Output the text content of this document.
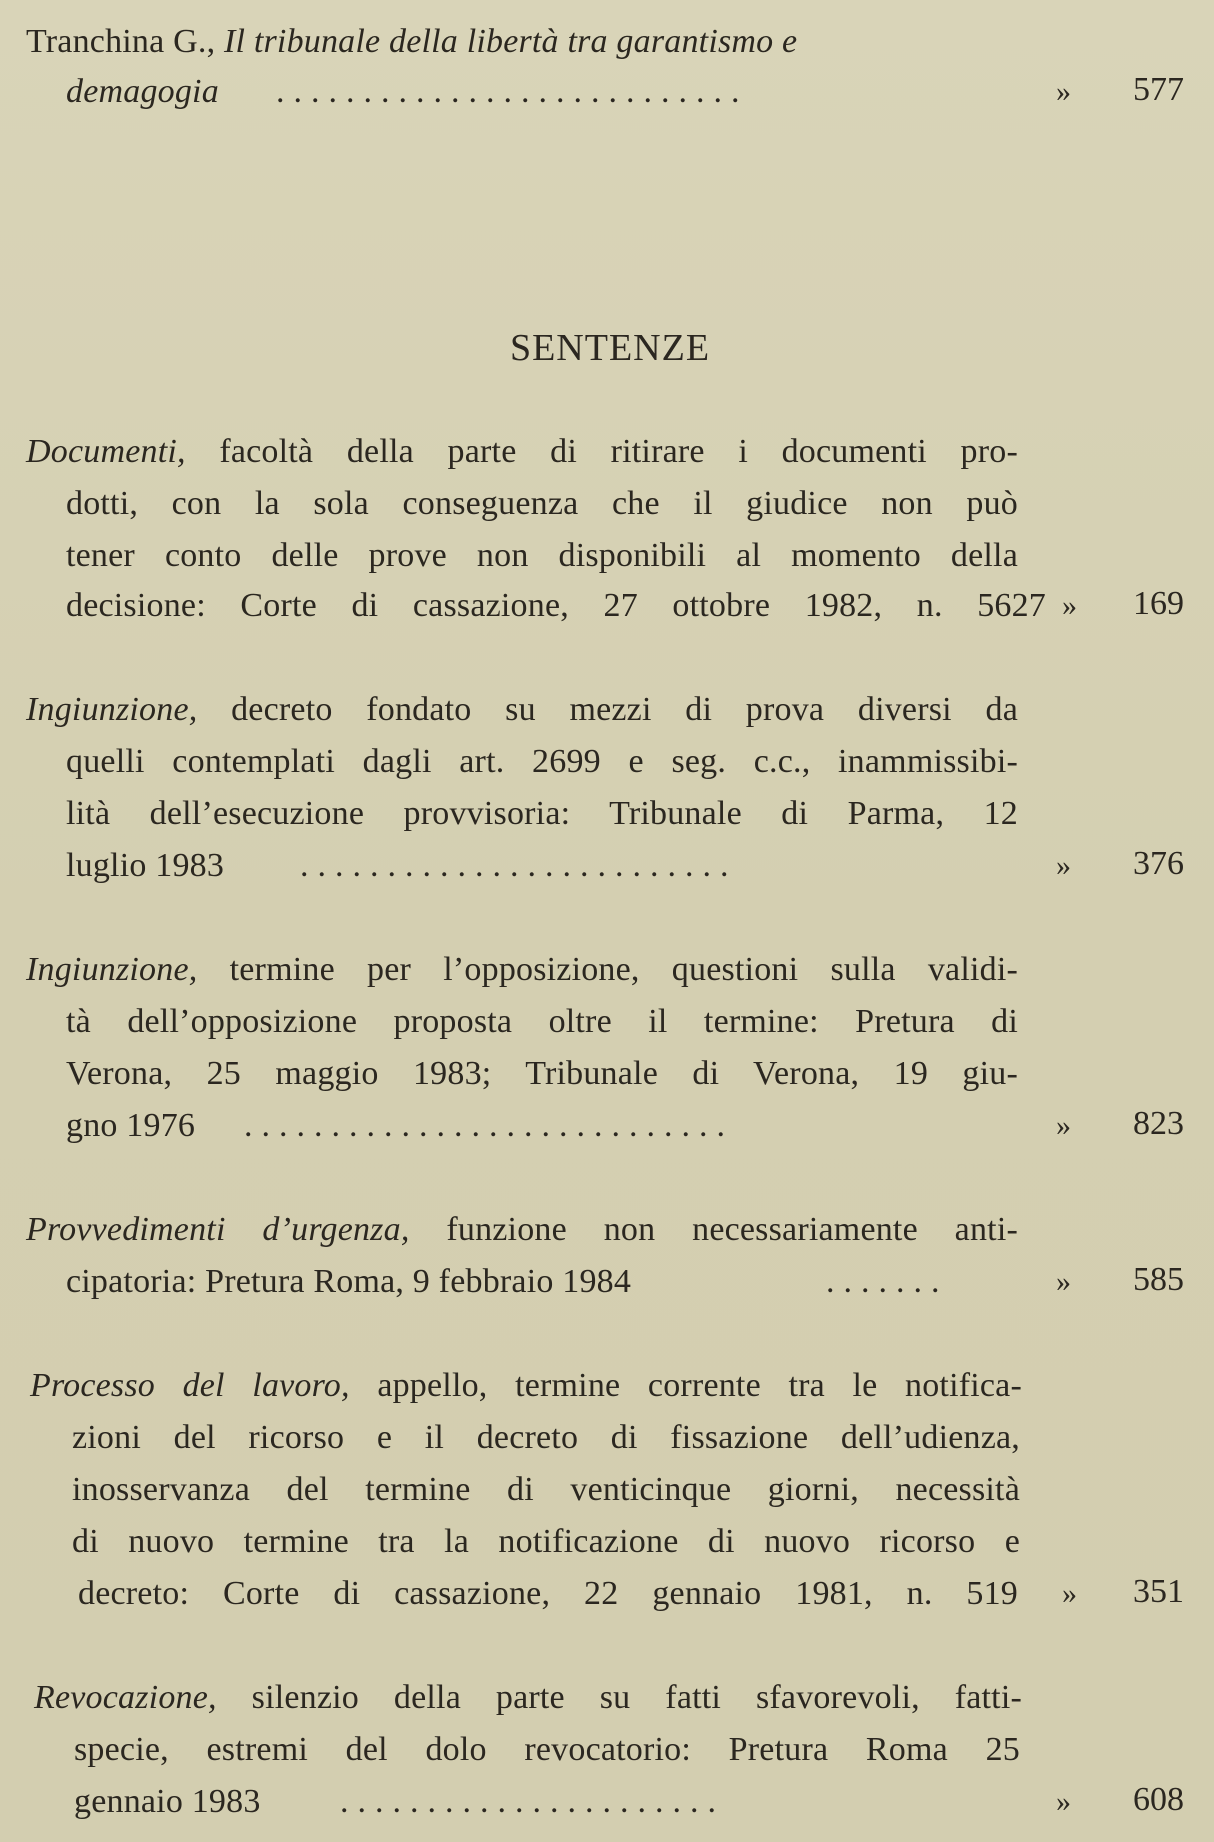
Tranchina G., Il tribunale della libertà tra garantismo e
demagogia ...........................	» 577
SENTENZE
Documenti, facoltà della parte di ritirare i documenti pro-
dotti, con la sola conseguenza che il giudice non può
tener conto delle prove non disponibili al momento della
decisione: Corte di cassazione, 27 ottobre 1982, n. 5627 » 169
Ingiunzione, decreto fondato su mezzi di prova diversi da
quelli contemplati dagli art. 2699 e seg. c.c., inammissibi-
lità dell’esecuzione provvisoria: Tribunale di Parma, 12
luglio 1983 .........................	» 376
Ingiunzione, termine per l’opposizione, questioni sulla validi-
tà dell’opposizione proposta oltre il termine: Pretura di
Verona, 25 maggio 1983; Tribunale di Verona, 19 giu-
gno 1976 ............................	» 823
Provvedimenti d’urgenza, funzione non necessariamente anti-
cipatoria: Pretura Roma, 9 febbraio 1984	.......	» 585
Processo del lavoro, appello, termine corrente tra le notifica-
zioni del ricorso e il decreto di fissazione dell’udienza,
inosservanza del termine di venticinque giorni, necessità
di nuovo termine tra la notificazione di nuovo ricorso e
decreto: Corte di cassazione, 22 gennaio 1981, n. 519 » 351
Revocazione, silenzio della parte su fatti sfavorevoli, fatti-
specie, estremi del dolo revocatorio: Pretura Roma 25
gennaio 1983 ......................	» 608
